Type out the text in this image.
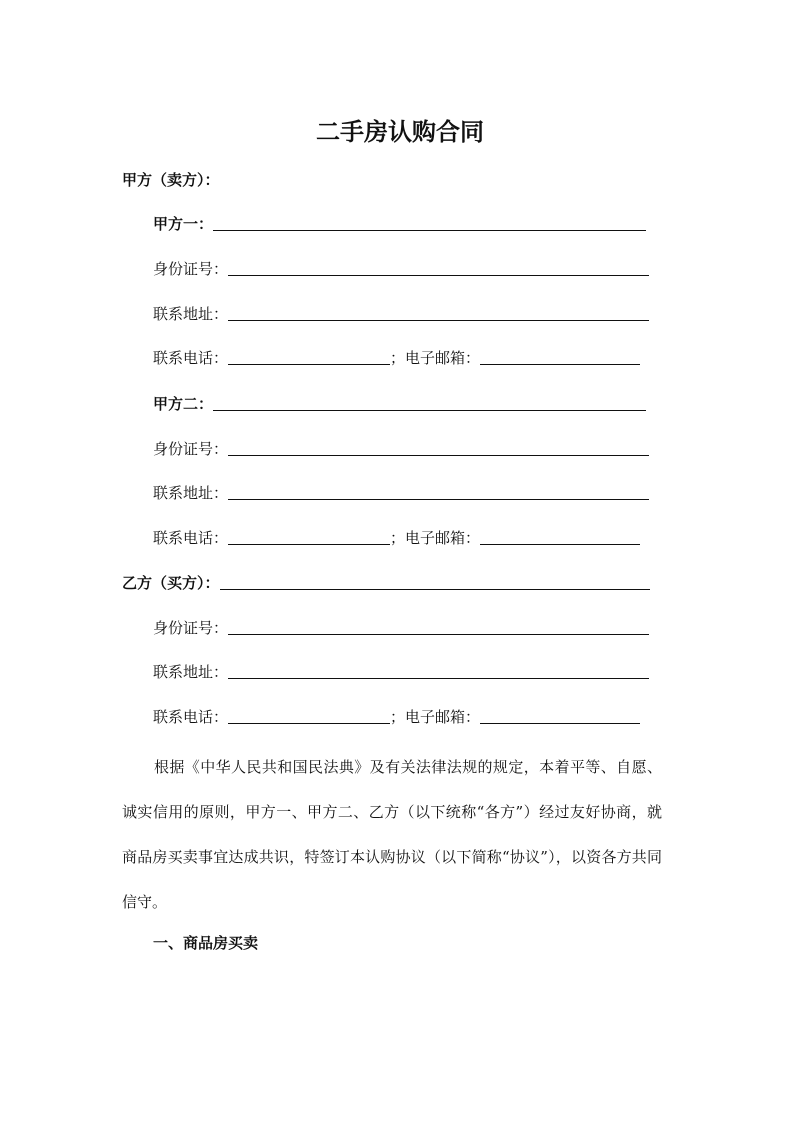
二手房认购合同
甲方（卖方）：
甲方一：
身份证号：
联系地址：
联系电话：	；电子邮箱：
甲方二：
身份证号：
联系地址：
联系电话：	；电子邮箱：
乙方（买方）：
身份证号：
联系地址：
联系电话：	；电子邮箱：
根据《中华人民共和国民法典》及有关法律法规的规定，本着平等、自愿、诚实信用的原则，甲方一、甲方二、乙方（以下统称“各方”）经过友好协商，就商品房买卖事宜达成共识，特签订本认购协议（以下简称“协议”），以资各方共同信守。
一、商品房买卖
